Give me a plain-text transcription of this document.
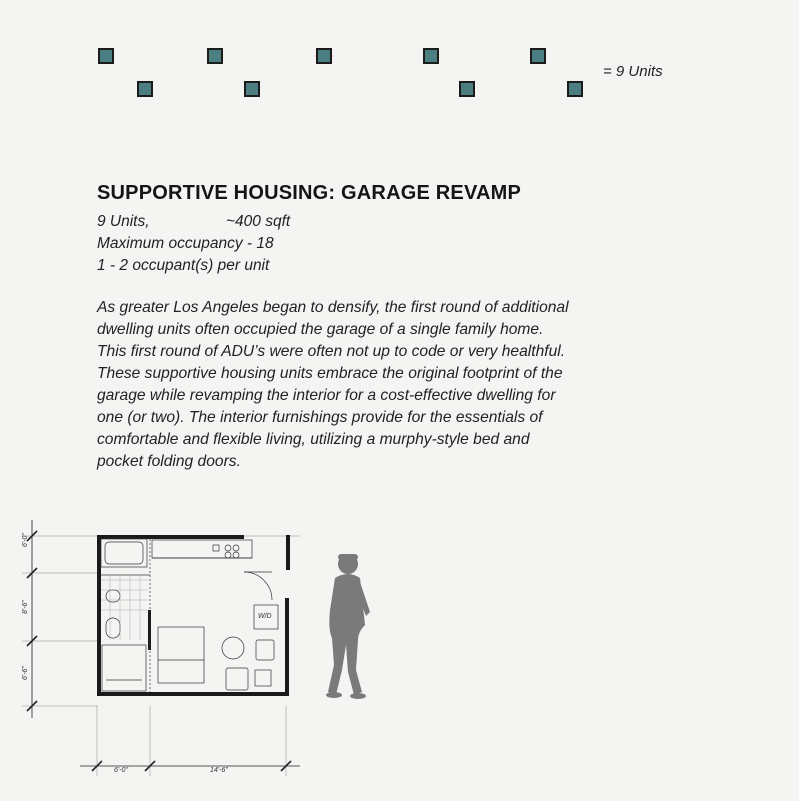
= 9 Units
SUPPORTIVE HOUSING: GARAGE REVAMP
9 Units,	~400 sqft
Maximum occupancy - 18
1 - 2 occupant(s) per unit

As greater Los Angeles began to densify, the first round of additional
dwelling units often occupied the garage of a single family home.
This first round of ADU’s were often not up to code or very healthful.
These supportive housing units embrace the original footprint of the
garage while revamping the interior for a cost-effective dwelling for
one (or two). The interior furnishings provide for the essentials of
comfortable and flexible living, utilizing a murphy-style bed and
pocket folding doors.

6'-0"
8'-6"
6'-6"
6'-0"	14'-6"
W/D
